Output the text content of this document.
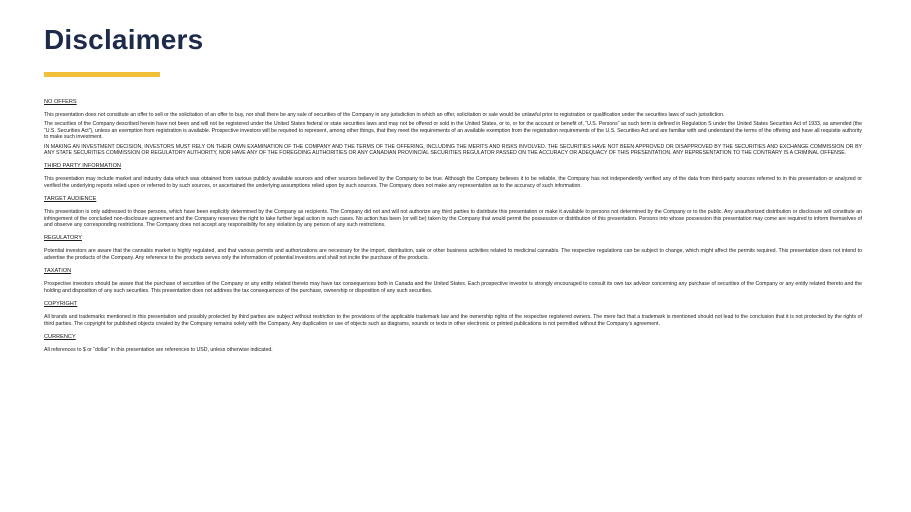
Disclaimers
NO OFFERS

This presentation does not constitute an offer to sell or the solicitation of an offer to buy, nor shall there be any sale of securities of the Company in any jurisdiction in which an offer, solicitation or sale would be unlawful prior to registration or qualification under the securities laws of such jurisdiction.

The securities of the Company described herein have not been and will not be registered under the United States federal or state securities laws and may not be offered or sold in the United States, or to, or for the account or benefit of, “U.S. Persons” as such term is defined in Regulation S under the United States Securities Act of 1933, as amended (the “U.S. Securities Act”), unless an exemption from registration is available. Prospective investors will be required to represent, among other things, that they meet the requirements of an available exemption from the registration requirements of the U.S. Securities Act and are familiar with and understand the terms of the offering and have all requisite authority to make such investment.

IN MAKING AN INVESTMENT DECISION, INVESTORS MUST RELY ON THEIR OWN EXAMINATION OF THE COMPANY AND THE TERMS OF THE OFFERING, INCLUDING THE MERITS AND RISKS INVOLVED. THE SECURITIES HAVE NOT BEEN APPROVED OR DISAPPROVED BY THE SECURITIES AND EXCHANGE COMMISSION OR BY ANY STATE SECURITIES COMMISSION OR REGULATORY AUTHORITY, NOR HAVE ANY OF THE FOREGOING AUTHORITIES OR ANY CANADIAN PROVINCIAL SECURITIES REGULATOR PASSED ON THE ACCURACY OR ADEQUACY OF THIS PRESENTATION. ANY REPRESENTATION TO THE CONTRARY IS A CRIMINAL OFFENSE.

THIRD PARTY INFORMATION

This presentation may include market and industry data which was obtained from various publicly available sources and other sources believed by the Company to be true. Although the Company believes it to be reliable, the Company has not independently verified any of the data from third-party sources referred to in this presentation or analyzed or verified the underlying reports relied upon or referred to by such sources, or ascertained the underlying assumptions relied upon by such sources. The Company does not make any representation as to the accuracy of such information.

TARGET AUDIENCE

This presentation is only addressed to those persons, which have been explicitly determined by the Company as recipients. The Company did not and will not authorize any third parties to distribute this presentation or make it available to persons not determined by the Company or to the public. Any unauthorized distribution or disclosure will constitute an infringement of the concluded non-disclosure agreement and the Company reserves the right to take further legal action in such cases. No action has been (or will be) taken by the Company that would permit the possession or distribution of this presentation. Persons into whose possession this presentation may come are required to inform themselves of and observe any corresponding restrictions. The Company does not accept any responsibility for any violation by any person of any such restrictions.

REGULATORY

Potential investors are aware that the cannabis market is highly regulated, and that various permits and authorizations are necessary for the import, distribution, sale or other business activities related to medicinal cannabis. The respective regulations can be subject to change, which might affect the permits required. This presentation does not intend to advertise the products of the Company. Any reference to the products serves only the information of potential investors and shall not incite the purchase of the products.

TAXATION

Prospective investors should be aware that the purchase of securities of the Company or any entity related thereto may have tax consequences both in Canada and the United States. Each prospective investor is strongly encouraged to consult its own tax advisor concerning any purchase of securities of the Company or any entity related thereto and the holding and disposition of any such securities. This presentation does not address the tax consequences of the purchase, ownership or disposition of any such securities.

COPYRIGHT

All brands and trademarks mentioned in this presentation and possibly protected by third parties are subject without restriction to the provisions of the applicable trademark law and the ownership rights of the respective registered owners. The mere fact that a trademark is mentioned should not lead to the conclusion that it is not protected by the rights of third parties. The copyright for published objects created by the Company remains solely with the Company. Any duplication or use of objects such as diagrams, sounds or texts in other electronic or printed publications is not permitted without the Company’s agreement.

CURRENCY

All references to $ or “dollar” in this presentation are references to USD, unless otherwise indicated.
